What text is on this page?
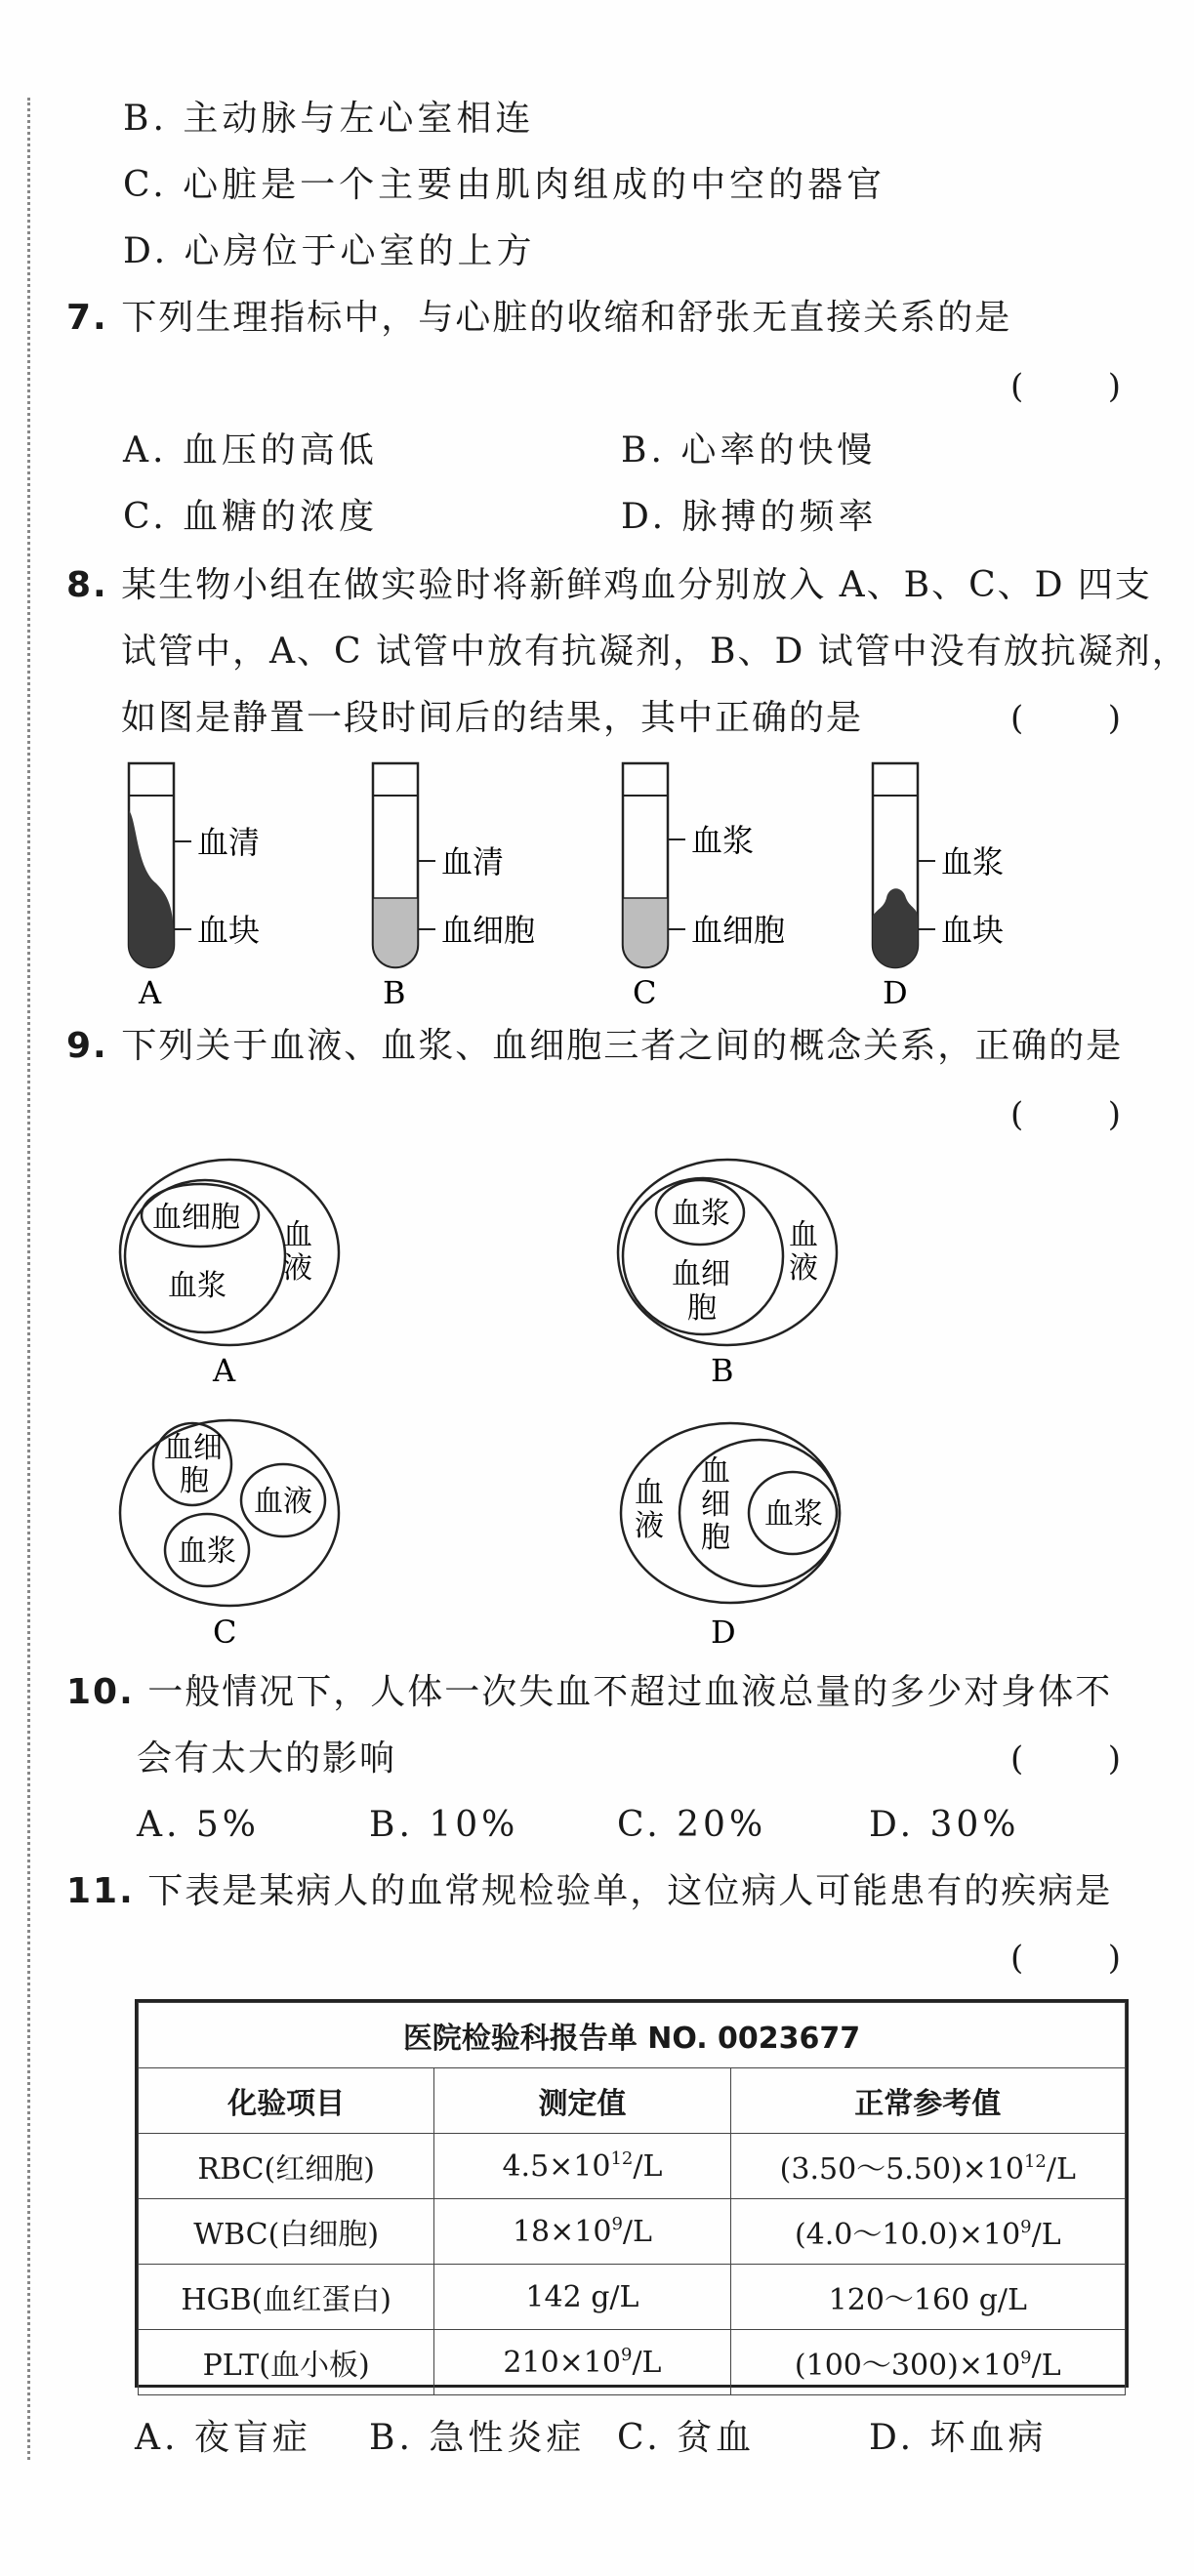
B. 主动脉与左心室相连
C. 心脏是一个主要由肌肉组成的中空的器官
D. 心房位于心室的上方
7. 下列生理指标中，与心脏的收缩和舒张无直接关系的是
(        )
A. 血压的高低	B. 心率的快慢
C. 血糖的浓度	D. 脉搏的频率
8. 某生物小组在做实验时将新鲜鸡血分别放入 A、B、C、D 四支
试管中，A、C 试管中放有抗凝剂，B、D 试管中没有放抗凝剂，
如图是静置一段时间后的结果，其中正确的是	(        )
血清
血块
A
血清
血细胞
B
血浆
血细胞
C
血浆
血块
D
9. 下列关于血液、血浆、血细胞三者之间的概念关系，正确的是
(        )
血细胞
血浆
血
液
A
血浆
血细
胞
血
液
B
血细
胞
血液
血浆
C
血
液
血
细
胞
血浆
D
10. 一般情况下，人体一次失血不超过血液总量的多少对身体不
会有太大的影响	(        )
A. 5%	B. 10%	C. 20%	D. 30%
11. 下表是某病人的血常规检验单，这位病人可能患有的疾病是
(        )
医院检验科报告单 NO. 0023677		
化验项目	测定值	正常参考值
RBC(红细胞)	$4.5\times 10^{12}/L$	$(3.50\sim 5.50)\times 10^{12}/L$
WBC(白细胞)	$18\times 10^9/L$	$(4.0\sim 10.0)\times 10^9/L$
HGB(血红蛋白)	142 g/L	120～160 g/L
PLT(血小板)	$210\times 10^9/L$	$(100\sim 300)\times 10^9/L$
A. 夜盲症 B. 急性炎症 C. 贫血	D. 坏血病
